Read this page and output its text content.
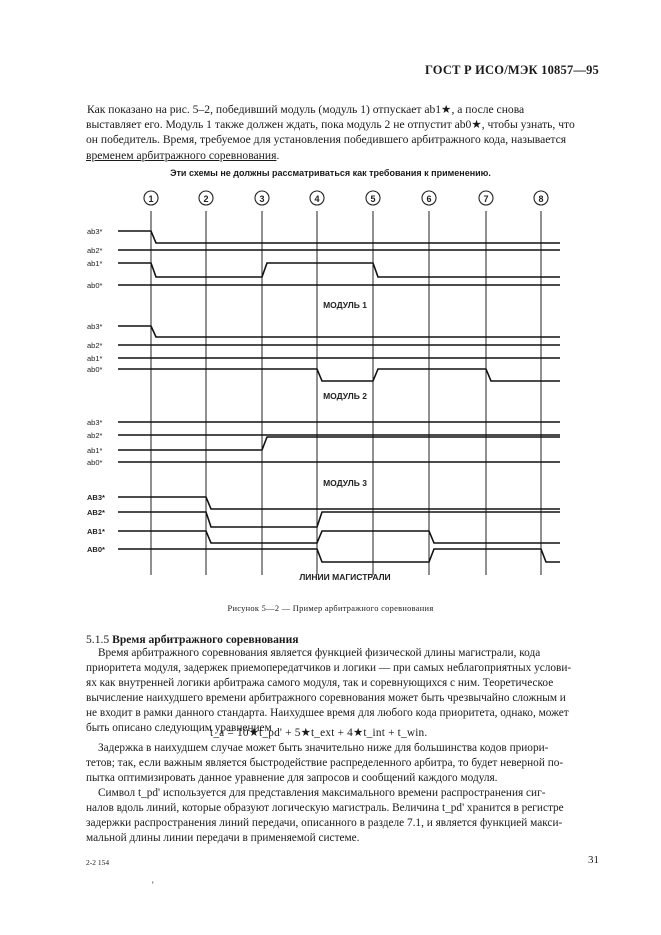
ГОСТ Р ИСО/МЭК 10857—95

Как показано на рис. 5–2, победивший модуль (модуль 1) отпускает ab1★, а после снова

выставляет его. Модуль 1 также должен ждать, пока модуль 2 не отпустит ab0★, чтобы узнать, что

он победитель. Время, требуемое для установления победившего арбитражного кода, называется

временем арбитражного соревнования.

Эти схемы не должны рассматриваться как требования к применению.
1	2	3	4	5	6	7	8
ab3*
ab2*
ab1*
ab0*
МОДУЛЬ 1
ab3*
ab2*
ab1*
ab0*
МОДУЛЬ 2
ab3*
ab2*
ab1*
ab0*
МОДУЛЬ 3
AB3*
AB2*
AB1*
AB0*
ЛИНИИ МАГИСТРАЛИ
Рисунок 5—2 — Пример арбитражного соревнования
5.1.5 Время арбитражного соревнования

Время арбитражного соревнования является функцией физической длины магистрали, кода

приоритета модуля, задержек приемопередатчиков и логики — при самых неблагоприятных услови-

ях как внутренней логики арбитража самого модуля, так и соревнующихся с ним. Теоретическое

вычисление наихудшего времени арбитражного соревнования может быть чрезвычайно сложным и

не входит в рамки данного стандарта. Наихудшее время для любого кода приоритета, однако, может

быть описано следующим уравнением

t_a = 10★t_pd' + 5★t_ext + 4★t_int + t_win.

Задержка в наихудшем случае может быть значительно ниже для большинства кодов приори-

тетов; так, если важным является быстродействие распределенного арбитра, то будет неверной по-

пытка оптимизировать данное уравнение для запросов и сообщений каждого модуля.

Символ t_pd' используется для представления максимального времени распространения сиг-

налов вдоль линий, которые образуют логическую магистраль. Величина t_pd' хранится в регистре

задержки распространения линий передачи, описанного в разделе 7.1, и является функцией макси-

мальной длины линии передачи в применяемой системе.

2-2 154	31
'
